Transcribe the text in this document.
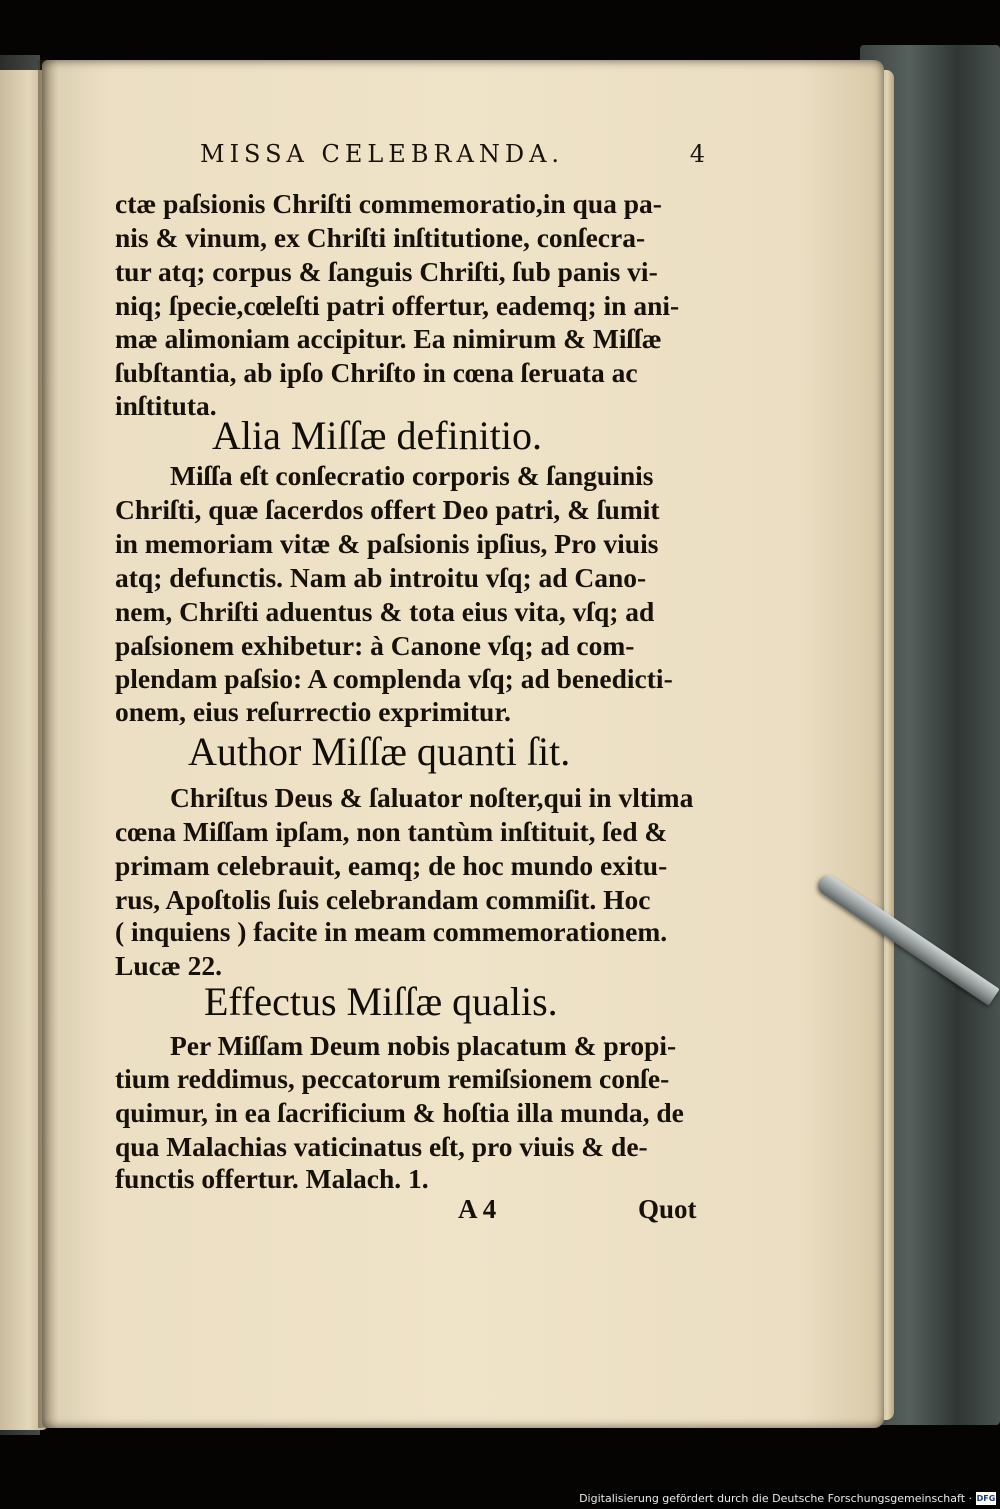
MISSA CELEBRANDA.	4
ctæ paſsionis Chriſti commemoratio,in qua pa-
nis & vinum, ex Chriſti inſtitutione, conſecra-
tur atq; corpus & ſanguis Chriſti, ſub panis vi-
niq; ſpecie,cœleſti patri offertur, eademq; in ani-
mæ alimoniam accipitur. Ea nimirum & Miſſæ
ſubſtantia, ab ipſo Chriſto in cœna ſeruata ac
inſtituta.
Alia Miſſæ definitio.
Miſſa eſt conſecratio corporis & ſanguinis
Chriſti, quæ ſacerdos offert Deo patri, & ſumit
in memoriam vitæ & paſsionis ipſius, Pro viuis
atq; defunctis. Nam ab introitu vſq; ad Cano-
nem, Chriſti aduentus & tota eius vita, vſq; ad
paſsionem exhibetur: à Canone vſq; ad com-
plendam paſsio: A complenda vſq; ad benedicti-
onem, eius reſurrectio exprimitur.
Author Miſſæ quanti ſit.
Chriſtus Deus & ſaluator noſter,qui in vltima
cœna Miſſam ipſam, non tantùm inſtituit, ſed &
primam celebrauit, eamq; de hoc mundo exitu-
rus, Apoſtolis ſuis celebrandam commiſit. Hoc
( inquiens ) facite in meam commemorationem.
Lucæ 22.
Effectus Miſſæ qualis.
Per Miſſam Deum nobis placatum & propi-
tium reddimus, peccatorum remiſsionem conſe-
quimur, in ea ſacrificium & hoſtia illa munda, de
qua Malachias vaticinatus eſt, pro viuis & de-
functis offertur. Malach. 1.
A 4	Quot
Digitalisierung gefördert durch die Deutsche Forschungsgemeinschaft · DFG
